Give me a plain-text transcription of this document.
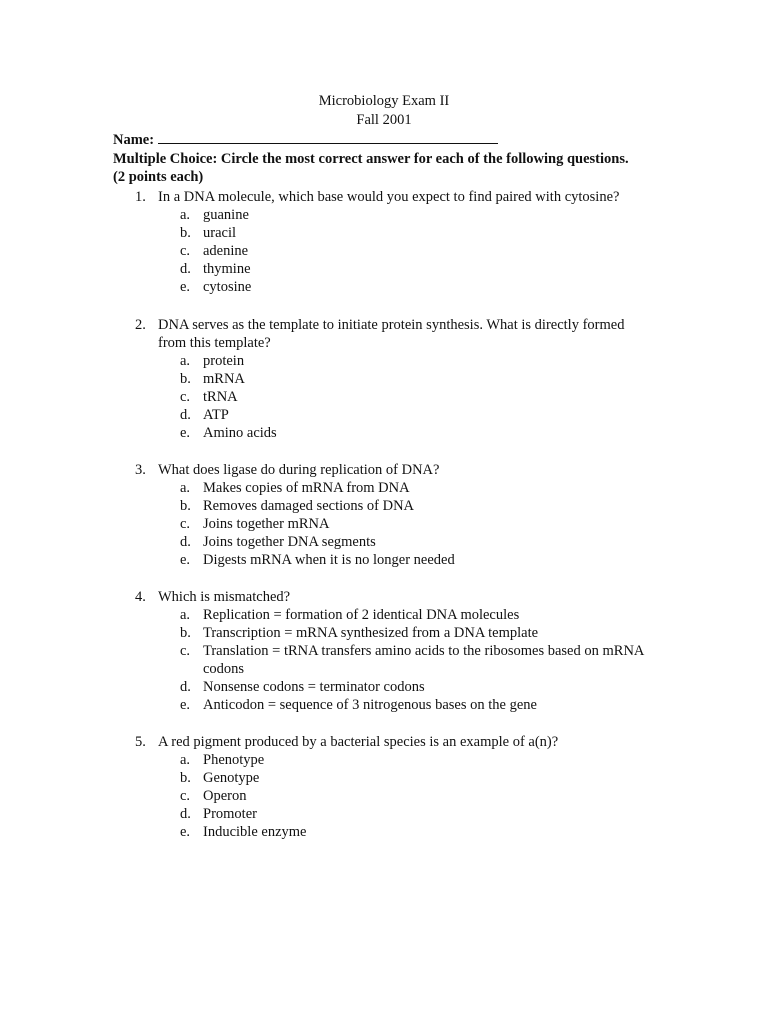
Microbiology Exam II
Fall 2001
Name:
Multiple Choice: Circle the most correct answer for each of the following questions.
(2 points each)
1. In a DNA molecule, which base would you expect to find paired with cytosine?
a. guanine
b. uracil
c. adenine
d. thymine
e. cytosine
2. DNA serves as the template to initiate protein synthesis. What is directly formed from this template?
a. protein
b. mRNA
c. tRNA
d. ATP
e. Amino acids
3. What does ligase do during replication of DNA?
a. Makes copies of mRNA from DNA
b. Removes damaged sections of DNA
c. Joins together mRNA
d. Joins together DNA segments
e. Digests mRNA when it is no longer needed
4. Which is mismatched?
a. Replication = formation of 2 identical DNA molecules
b. Transcription = mRNA synthesized from a DNA template
c. Translation = tRNA transfers amino acids to the ribosomes based on mRNA codons
d. Nonsense codons = terminator codons
e. Anticodon = sequence of 3 nitrogenous bases on the gene
5. A red pigment produced by a bacterial species is an example of a(n)?
a. Phenotype
b. Genotype
c. Operon
d. Promoter
e. Inducible enzyme
